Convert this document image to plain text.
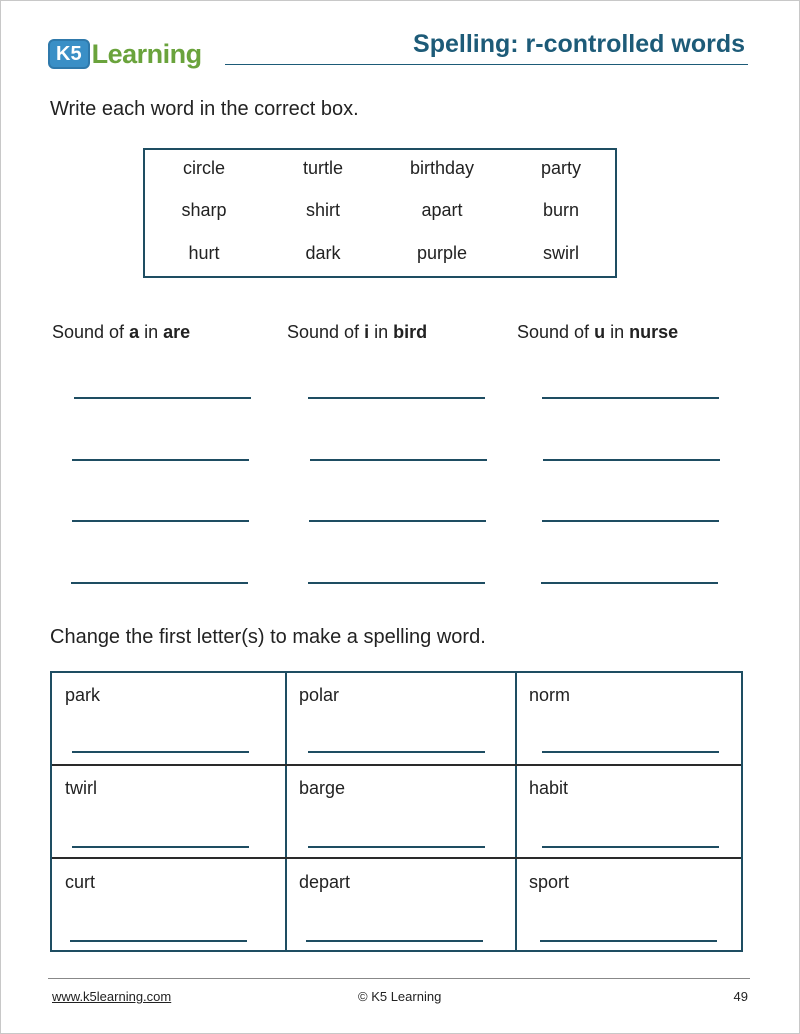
K5 Learning	Spelling: r-controlled words
Write each word in the correct box.
circle	turtle	birthday	party
sharp	shirt	apart	burn
hurt	dark	purple	swirl
Sound of a in are	Sound of i in bird	Sound of u in nurse
Change the first letter(s) to make a spelling word.
park	polar	norm
twirl	barge	habit
curt	depart	sport
www.k5learning.com	© K5 Learning	49
